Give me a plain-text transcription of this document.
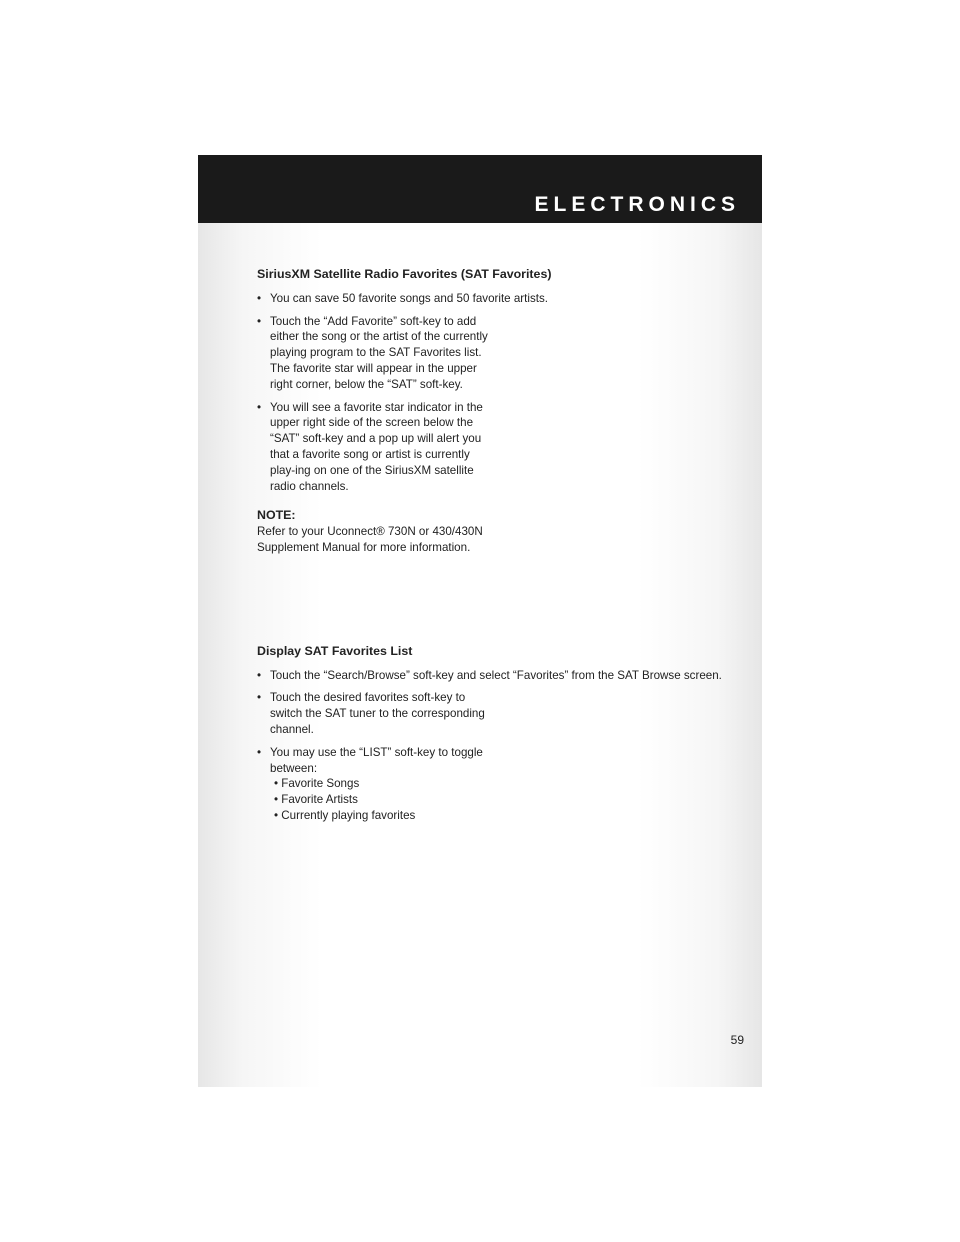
ELECTRONICS
SiriusXM Satellite Radio Favorites (SAT Favorites)
• You can save 50 favorite songs and 50 favorite artists.
• Touch the “Add Favorite” soft-key to add either the song or the artist of the currently playing program to the SAT Favorites list. The favorite star will appear in the upper right corner, below the “SAT” soft-key.
• You will see a favorite star indicator in the upper right side of the screen below the “SAT” soft-key and a pop up will alert you that a favorite song or artist is currently play-ing on one of the SiriusXM satellite radio channels.
NOTE:
Refer to your Uconnect® 730N or 430/430N Supplement Manual for more information.
Display SAT Favorites List
• Touch the “Search/Browse” soft-key and select “Favorites” from the SAT Browse screen.
• Touch the desired favorites soft-key to switch the SAT tuner to the corresponding channel.
• You may use the “LIST” soft-key to toggle between:
• Favorite Songs
• Favorite Artists
• Currently playing favorites
59
